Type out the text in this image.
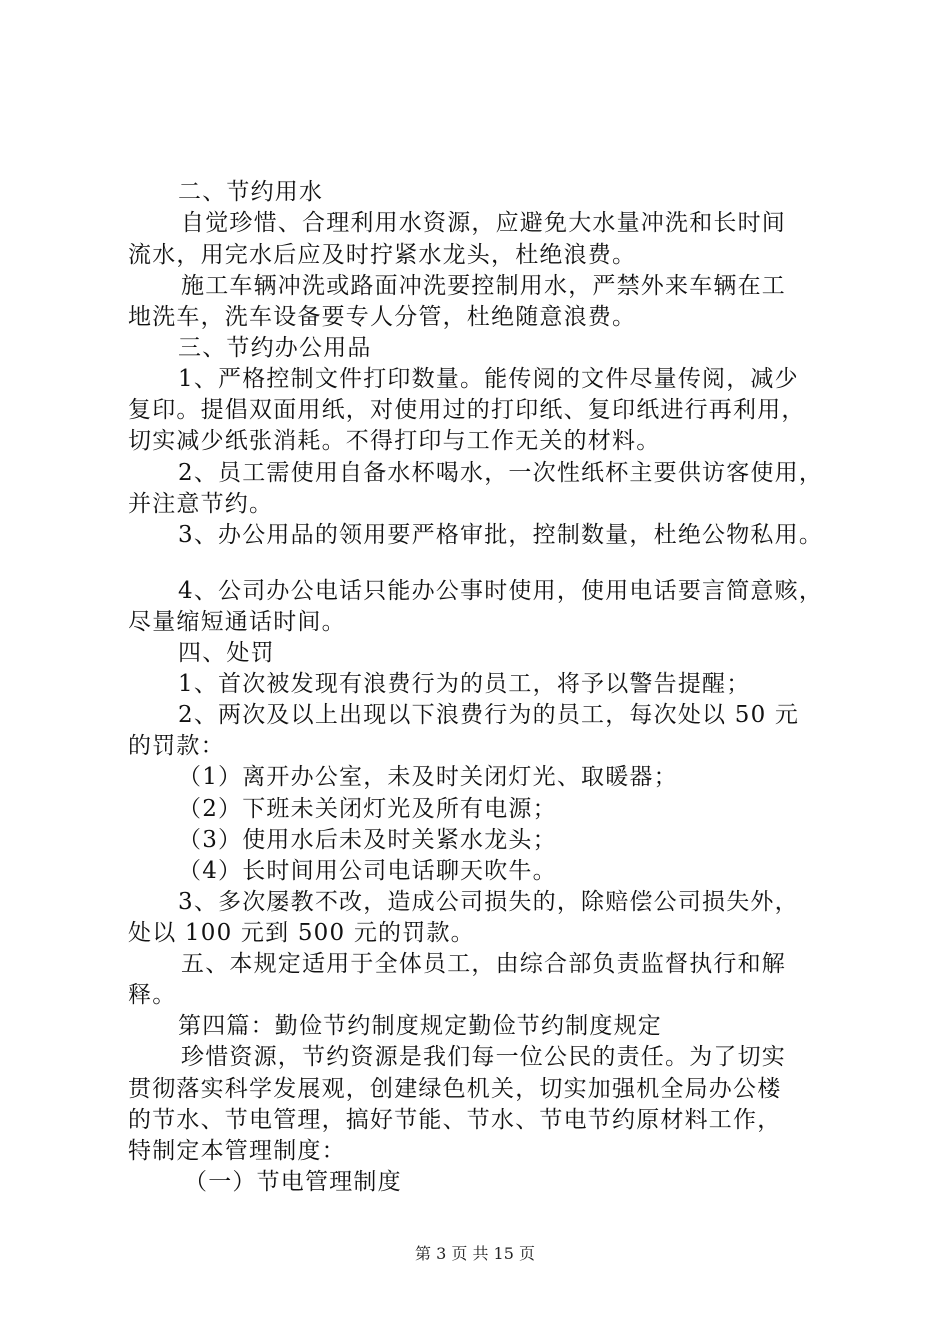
二、节约用水
自觉珍惜、合理利用水资源，应避免大水量冲洗和长时间
流水，用完水后应及时拧紧水龙头，杜绝浪费。
施工车辆冲洗或路面冲洗要控制用水，严禁外来车辆在工
地洗车，洗车设备要专人分管，杜绝随意浪费。
三、节约办公用品
1、严格控制文件打印数量。能传阅的文件尽量传阅，减少
复印。提倡双面用纸，对使用过的打印纸、复印纸进行再利用，
切实减少纸张消耗。不得打印与工作无关的材料。
2、员工需使用自备水杯喝水，一次性纸杯主要供访客使用，
并注意节约。
3、办公用品的领用要严格审批，控制数量，杜绝公物私用。
4、公司办公电话只能办公事时使用，使用电话要言简意赅，
尽量缩短通话时间。
四、处罚
1、首次被发现有浪费行为的员工，将予以警告提醒；
2、两次及以上出现以下浪费行为的员工，每次处以 50 元
的罚款：
（1）离开办公室，未及时关闭灯光、取暖器；
（2）下班未关闭灯光及所有电源；
（3）使用水后未及时关紧水龙头；
（4）长时间用公司电话聊天吹牛。
3、多次屡教不改，造成公司损失的，除赔偿公司损失外，
处以 100 元到 500 元的罚款。
五、本规定适用于全体员工，由综合部负责监督执行和解
释。
第四篇：勤俭节约制度规定勤俭节约制度规定
珍惜资源，节约资源是我们每一位公民的责任。为了切实
贯彻落实科学发展观，创建绿色机关，切实加强机全局办公楼
的节水、节电管理，搞好节能、节水、节电节约原材料工作，
特制定本管理制度：
（一）节电管理制度
第 3 页 共 15 页
